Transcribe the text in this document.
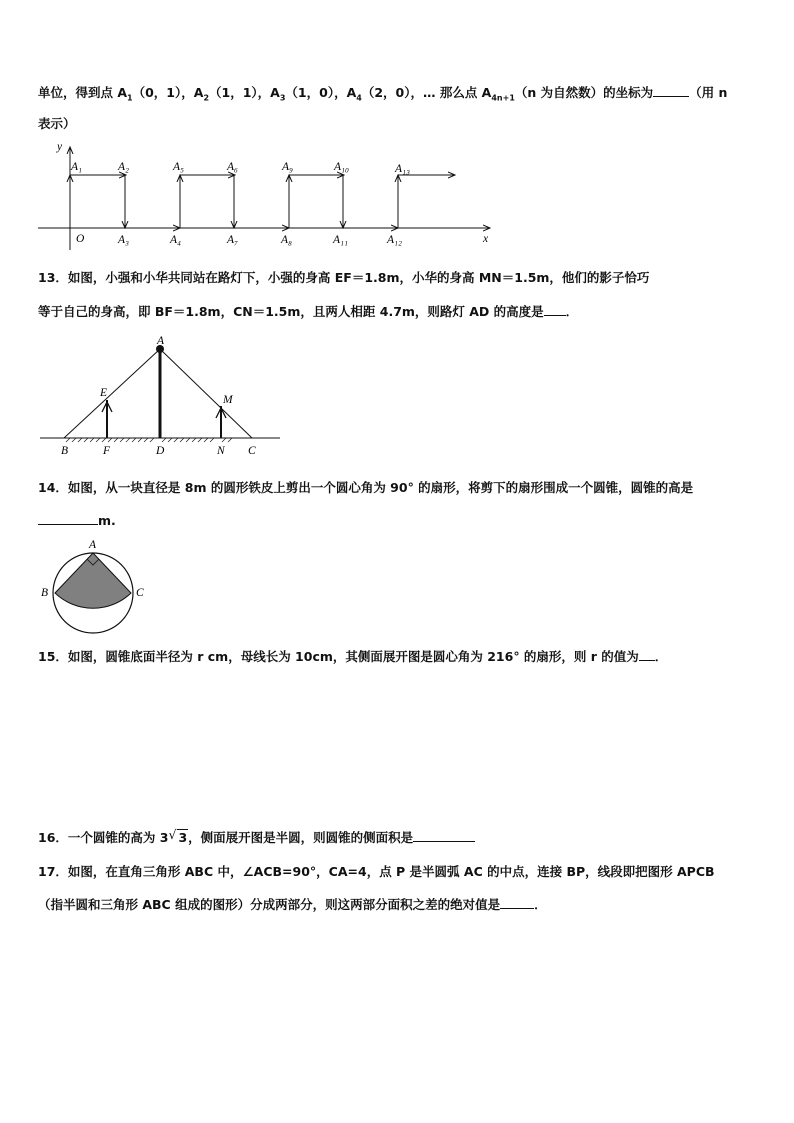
单位，得到点 $A_1(0$，1），$A_2(1$，1），$A_3(1$，0），$A_4(2$，0），… 那么点 $A_{4n+1}(n$ 为自然数）的坐标为	（用 n
表示）
y
x
O
A₁	A₂	A₅	A₆	A₉	A₁₀	A₁₃
A₃	A₄	A₇	A₈	A₁₁	A₁₂
13．如图，小强和小华共同站在路灯下，小强的身高 EF＝1.8m，小华的身高 MN＝1.5m，他们的影子恰巧
等于自己的身高，即 BF＝1.8m，CN＝1.5m，且两人相距 4.7m，则路灯 AD 的高度是 ．
A
E
M
B	F	D	N C
14．如图，从一块直径是 8m 的圆形铁皮上剪出一个圆心角为 90° 的扇形，将剪下的扇形围成一个圆锥，圆锥的高是
m.
A
B	C
15．如图，圆锥底面半径为 r cm，母线长为 10cm，其侧面展开图是圆心角为 216° 的扇形，则 r 的值为 ．
16．一个圆锥的高为 3 √ 3，侧面展开图是半圆，则圆锥的侧面积是
17．如图，在直角三角形 ABC 中，∠ACB=90°，CA=4，点 P 是半圆弧 AC 的中点，连接 BP，线段即把图形 APCB
（指半圆和三角形 ABC 组成的图形）分成两部分，则这两部分面积之差的绝对值是	．
